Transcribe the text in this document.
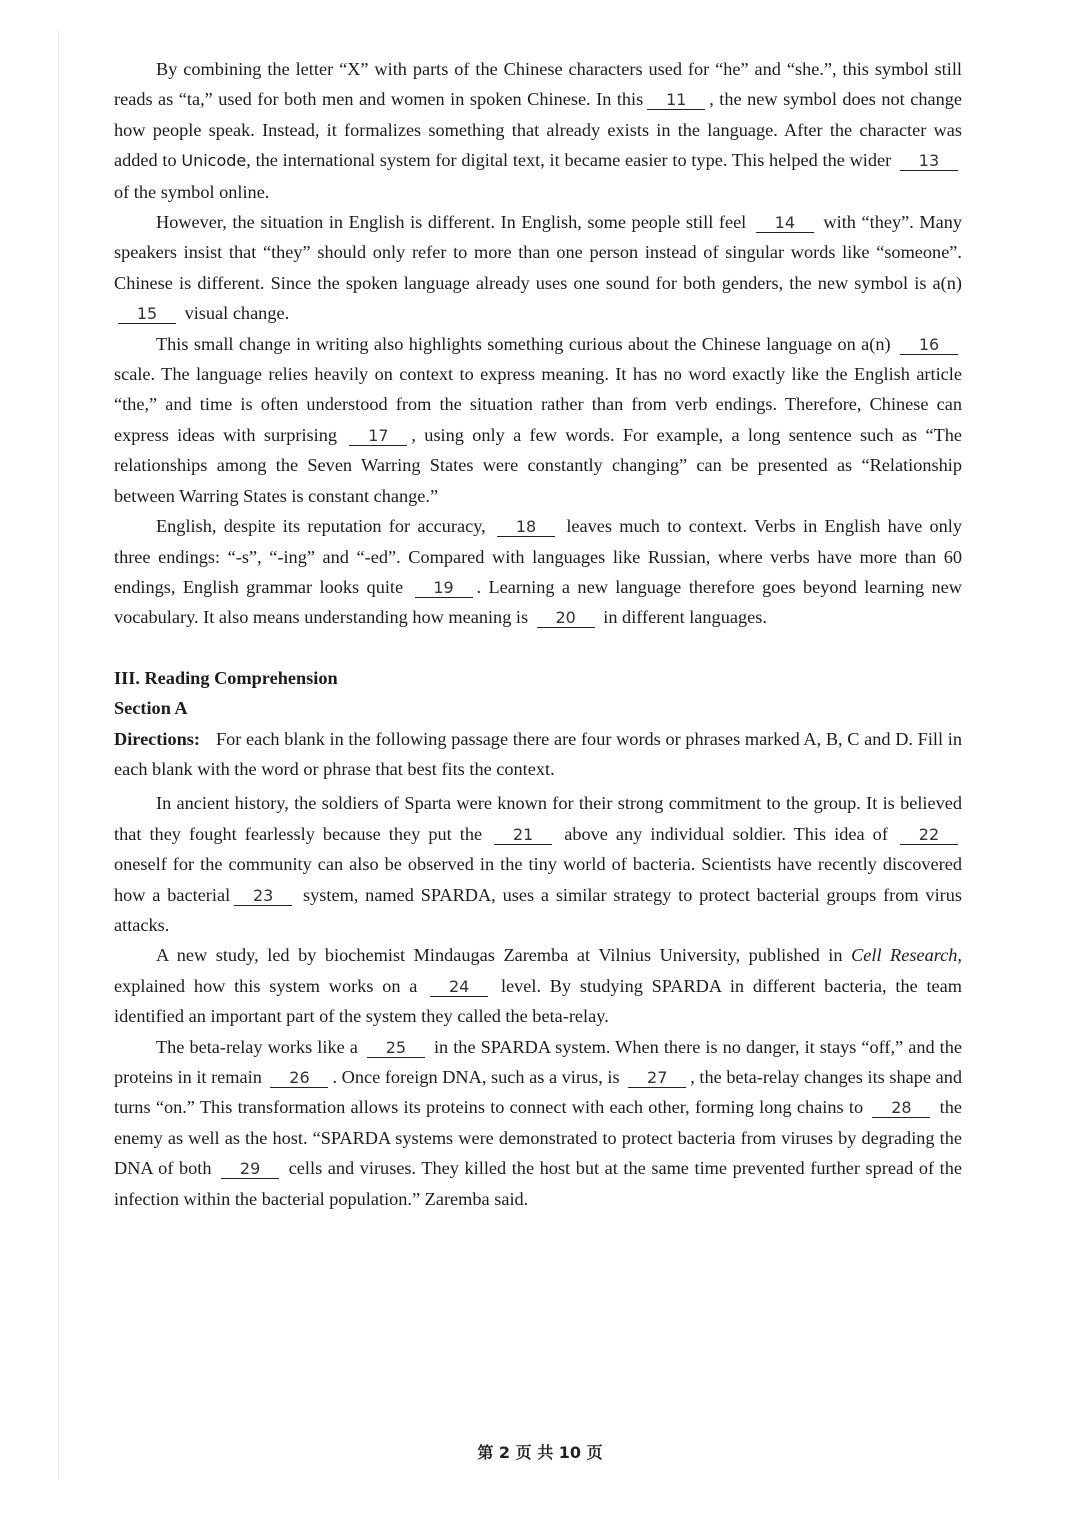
By combining the letter “X” with parts of the Chinese characters used for “he” and “she.”, this symbol still reads as “ta,” used for both men and women in spoken Chinese. In this 11 , the new symbol does not change how people speak. Instead, it formalizes something that already exists in the language. After the character was added to Unicode, the international system for digital text, it became easier to type. This helped the wider 13 of the symbol online.

However, the situation in English is different. In English, some people still feel 14 with “they”. Many speakers insist that “they” should only refer to more than one person instead of singular words like “someone”. Chinese is different. Since the spoken language already uses one sound for both genders, the new symbol is a(n) 15 visual change.

This small change in writing also highlights something curious about the Chinese language on a(n) 16 scale. The language relies heavily on context to express meaning. It has no word exactly like the English article “the,” and time is often understood from the situation rather than from verb endings. Therefore, Chinese can express ideas with surprising 17 , using only a few words. For example, a long sentence such as “The relationships among the Seven Warring States were constantly changing” can be presented as “Relationship between Warring States is constant change.”

English, despite its reputation for accuracy, 18 leaves much to context. Verbs in English have only three endings: “-s”, “-ing” and “-ed”. Compared with languages like Russian, where verbs have more than 60 endings, English grammar looks quite 19 . Learning a new language therefore goes beyond learning new vocabulary. It also means understanding how meaning is 20 in different languages.

III. Reading Comprehension
Section A

Directions: For each blank in the following passage there are four words or phrases marked A, B, C and D. Fill in each blank with the word or phrase that best fits the context.

In ancient history, the soldiers of Sparta were known for their strong commitment to the group. It is believed that they fought fearlessly because they put the 21 above any individual soldier. This idea of 22 oneself for the community can also be observed in the tiny world of bacteria. Scientists have recently discovered how a bacterial 23 system, named SPARDA, uses a similar strategy to protect bacterial groups from virus attacks.

A new study, led by biochemist Mindaugas Zaremba at Vilnius University, published in Cell Research, explained how this system works on a 24 level. By studying SPARDA in different bacteria, the team identified an important part of the system they called the beta-relay.

The beta-relay works like a 25 in the SPARDA system. When there is no danger, it stays “off,” and the proteins in it remain 26 . Once foreign DNA, such as a virus, is 27 , the beta-relay changes its shape and turns “on.” This transformation allows its proteins to connect with each other, forming long chains to 28 the enemy as well as the host. “SPARDA systems were demonstrated to protect bacteria from viruses by degrading the DNA of both 29 cells and viruses. They killed the host but at the same time prevented further spread of the infection within the bacterial population.” Zaremba said.

第 2 页 共 10 页
